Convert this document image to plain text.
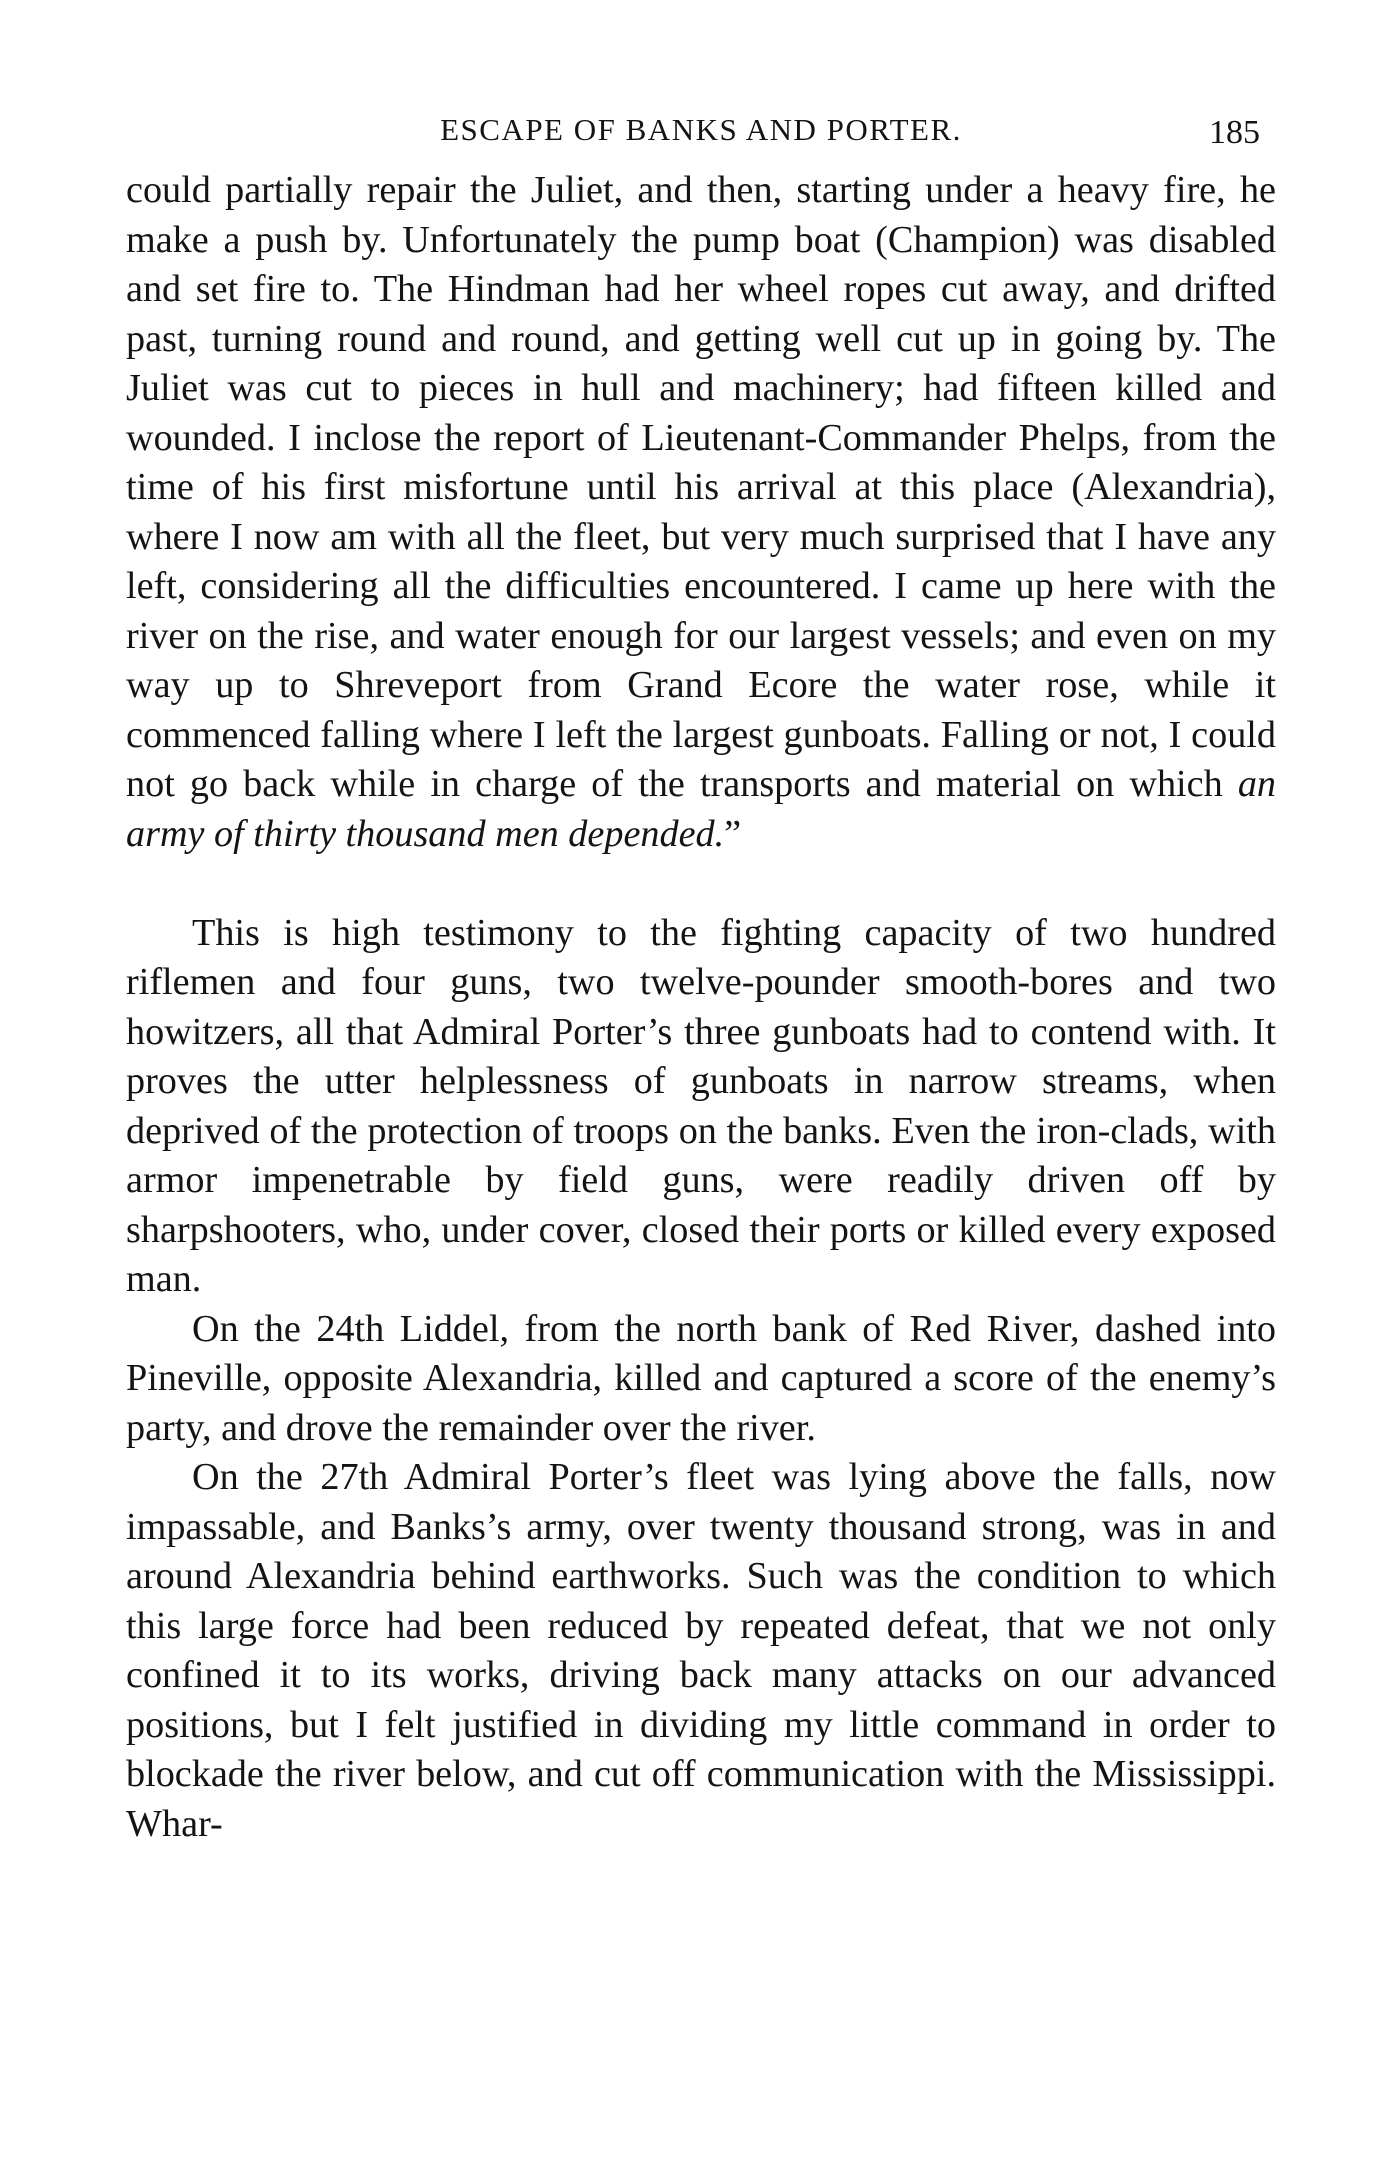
ESCAPE OF BANKS AND PORTER.	185

could partially repair the Juliet, and then, starting under a heavy fire, he make a push by. Unfortunately the pump boat (Champion) was disabled and set fire to. The Hindman had her wheel ropes cut away, and drifted past, turning round and round, and getting well cut up in going by. The Juliet was cut to pieces in hull and machinery; had fifteen killed and wounded. I inclose the report of Lieutenant-Commander Phelps, from the time of his first misfortune until his arrival at this place (Alexandria), where I now am with all the fleet, but very much surprised that I have any left, considering all the difficulties encountered. I came up here with the river on the rise, and water enough for our largest vessels; and even on my way up to Shreveport from Grand Ecore the water rose, while it commenced falling where I left the largest gunboats. Falling or not, I could not go back while in charge of the transports and material on which an army of thirty thousand men depended.”

This is high testimony to the fighting capacity of two hundred riflemen and four guns, two twelve-pounder smooth-bores and two howitzers, all that Admiral Porter’s three gunboats had to contend with. It proves the utter helplessness of gunboats in narrow streams, when deprived of the protection of troops on the banks. Even the iron-clads, with armor impenetrable by field guns, were readily driven off by sharpshooters, who, under cover, closed their ports or killed every exposed man.

On the 24th Liddel, from the north bank of Red River, dashed into Pineville, opposite Alexandria, killed and captured a score of the enemy’s party, and drove the remainder over the river.

On the 27th Admiral Porter’s fleet was lying above the falls, now impassable, and Banks’s army, over twenty thousand strong, was in and around Alexandria behind earthworks. Such was the condition to which this large force had been reduced by repeated defeat, that we not only confined it to its works, driving back many attacks on our advanced positions, but I felt justified in dividing my little command in order to blockade the river below, and cut off communication with the Mississippi. Whar-
